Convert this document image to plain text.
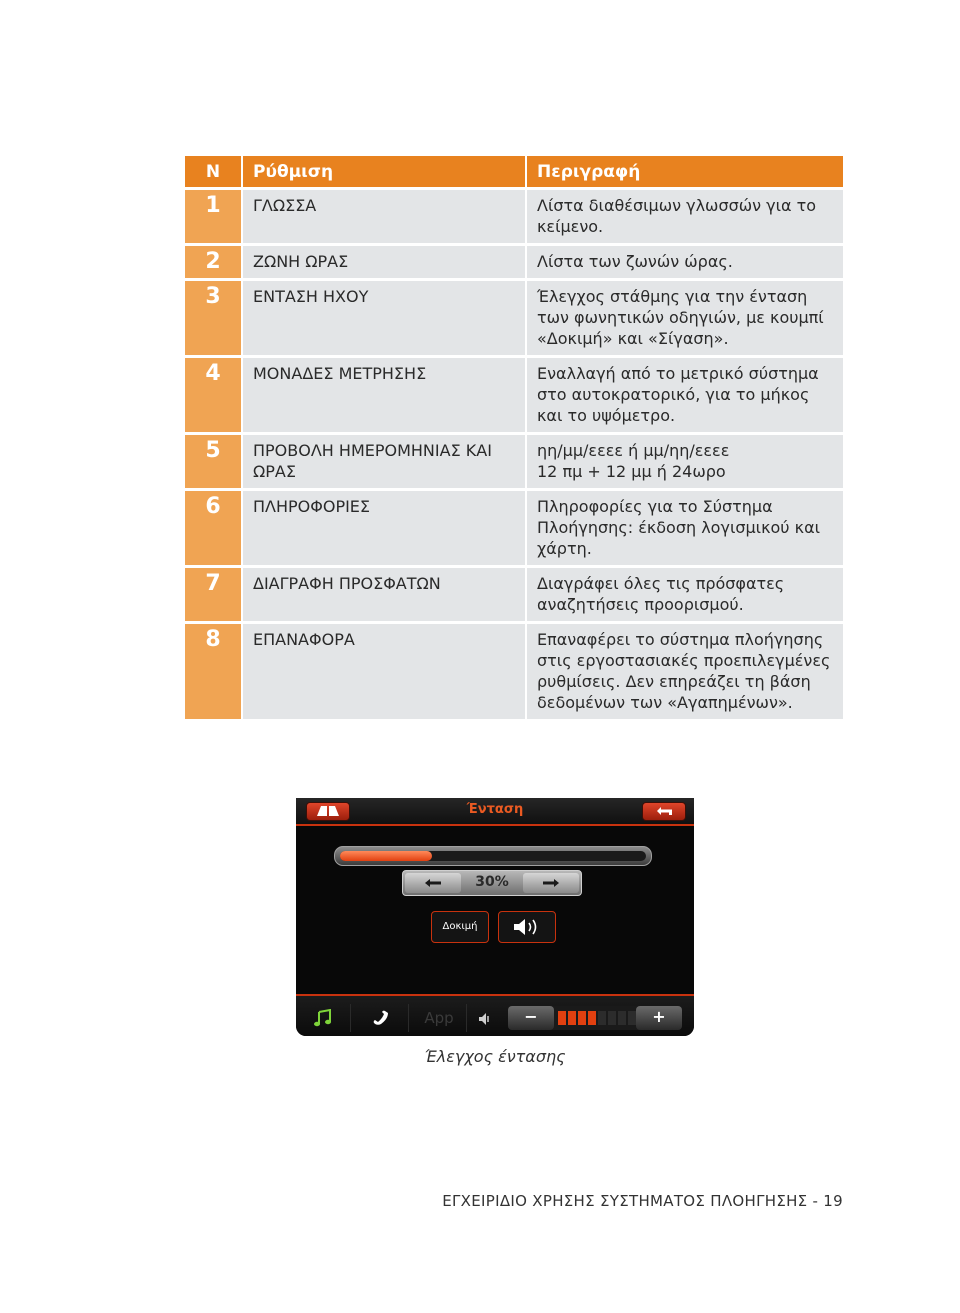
Ν	Ρύθμιση	Περιγραφή
1	ΓΛΩΣΣΑ	Λίστα διαθέσιμων γλωσσών για το κείμενο.
2	ΖΩΝΗ ΩΡΑΣ	Λίστα των ζωνών ώρας.
3	ΕΝΤΑΣΗ ΗΧΟΥ	Έλεγχος στάθμης για την ένταση των φωνητικών οδηγιών, με κουμπί «Δοκιμή» και «Σίγαση».
4	ΜΟΝΑΔΕΣ ΜΕΤΡΗΣΗΣ	Εναλλαγή από το μετρικό σύστημα στο αυτοκρατορικό, για το μήκος και το υψόμετρο.
5	ΠΡΟΒΟΛΗ ΗΜΕΡΟΜΗΝΙΑΣ ΚΑΙ ΩΡΑΣ	ηη/μμ/εεεε ή μμ/ηη/εεεε
12 πμ + 12 μμ ή 24ωρο
6	ΠΛΗΡΟΦΟΡΙΕΣ	Πληροφορίες για το Σύστημα Πλοήγησης: έκδοση λογισμικού και χάρτη.
7	ΔΙΑΓΡΑΦΗ ΠΡΟΣΦΑΤΩΝ	Διαγράφει όλες τις πρόσφατες αναζητήσεις προορισμού.
8	ΕΠΑΝΑΦΟΡΑ	Επαναφέρει το σύστημα πλοήγησης στις εργοστασιακές προεπιλεγμένες ρυθμίσεις. Δεν επηρεάζει τη βάση δεδομένων των «Αγαπημένων».
Ένταση
30%
Δοκιμή
App	−	+
Έλεγχος έντασης
ΕΓΧΕΙΡΙΔΙΟ ΧΡΗΣΗΣ ΣΥΣΤΗΜΑΤΟΣ ΠΛΟΗΓΗΣΗΣ - 19
